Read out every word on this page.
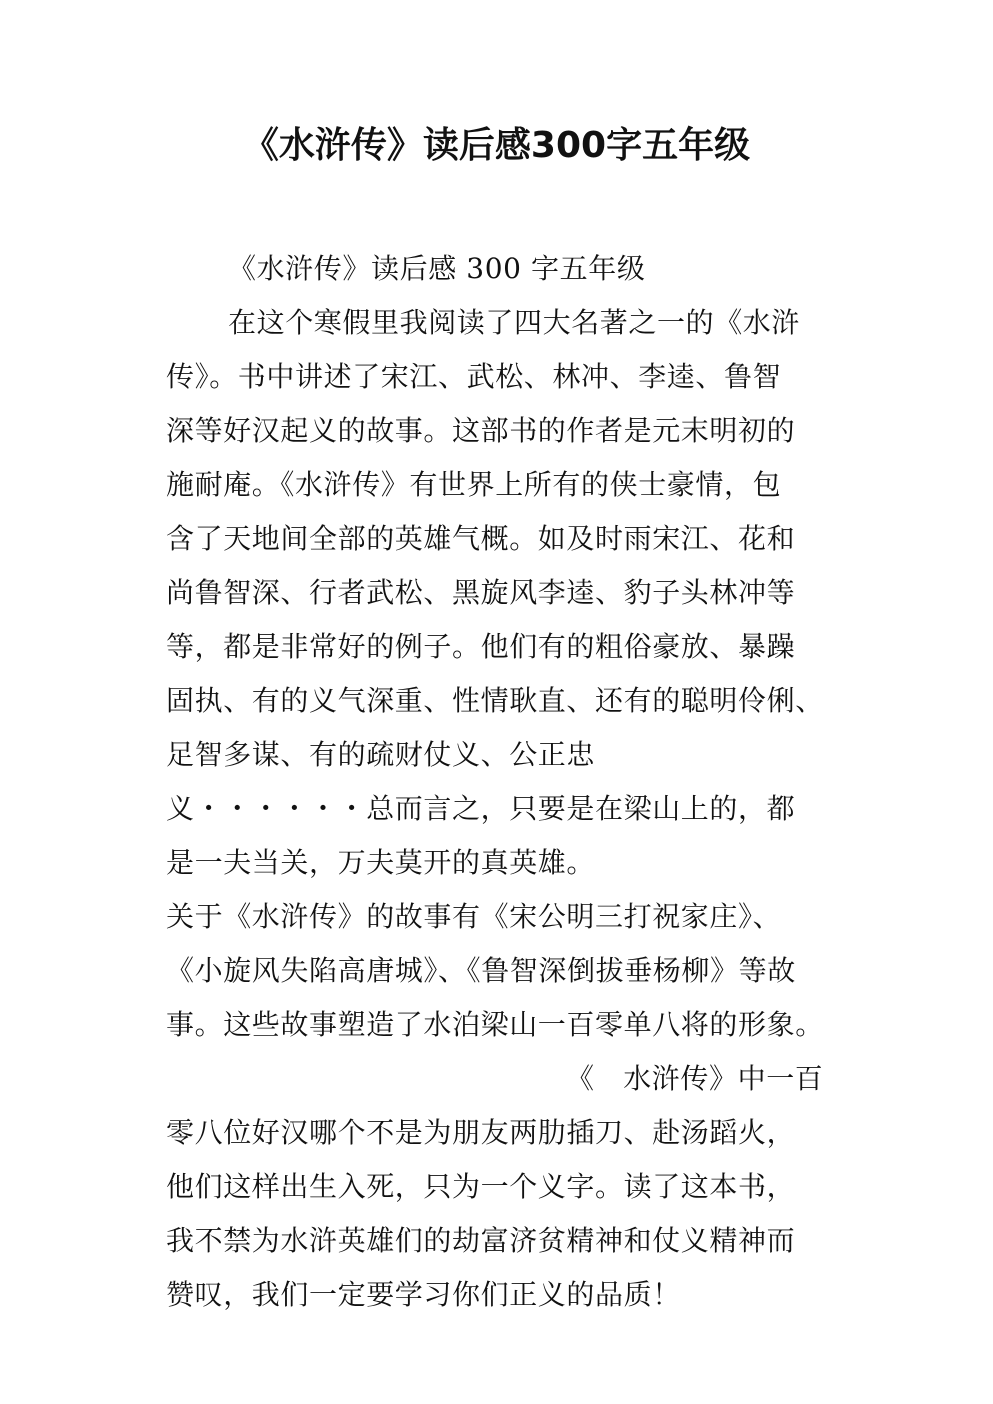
《水浒传》读后感300字五年级
《水浒传》读后感 300 字五年级
在这个寒假里我阅读了四大名著之一的《水浒
传》。书中讲述了宋江、武松、林冲、李逵、鲁智
深等好汉起义的故事。这部书的作者是元末明初的
施耐庵。《水浒传》有世界上所有的侠士豪情，包
含了天地间全部的英雄气概。如及时雨宋江、花和
尚鲁智深、行者武松、黑旋风李逵、豹子头林冲等
等，都是非常好的例子。他们有的粗俗豪放、暴躁
固执、有的义气深重、性情耿直、还有的聪明伶俐、
足智多谋、有的疏财仗义、公正忠
义・・・・・・总而言之，只要是在梁山上的，都
是一夫当关，万夫莫开的真英雄。
关于《水浒传》的故事有《宋公明三打祝家庄》、
《小旋风失陷高唐城》、《鲁智深倒拔垂杨柳》等故
事。这些故事塑造了水泊梁山一百零单八将的形象。
《　水浒传》中一百
零八位好汉哪个不是为朋友两肋插刀、赴汤蹈火，
他们这样出生入死，只为一个义字。读了这本书，
我不禁为水浒英雄们的劫富济贫精神和仗义精神而
赞叹，我们一定要学习你们正义的品质！
